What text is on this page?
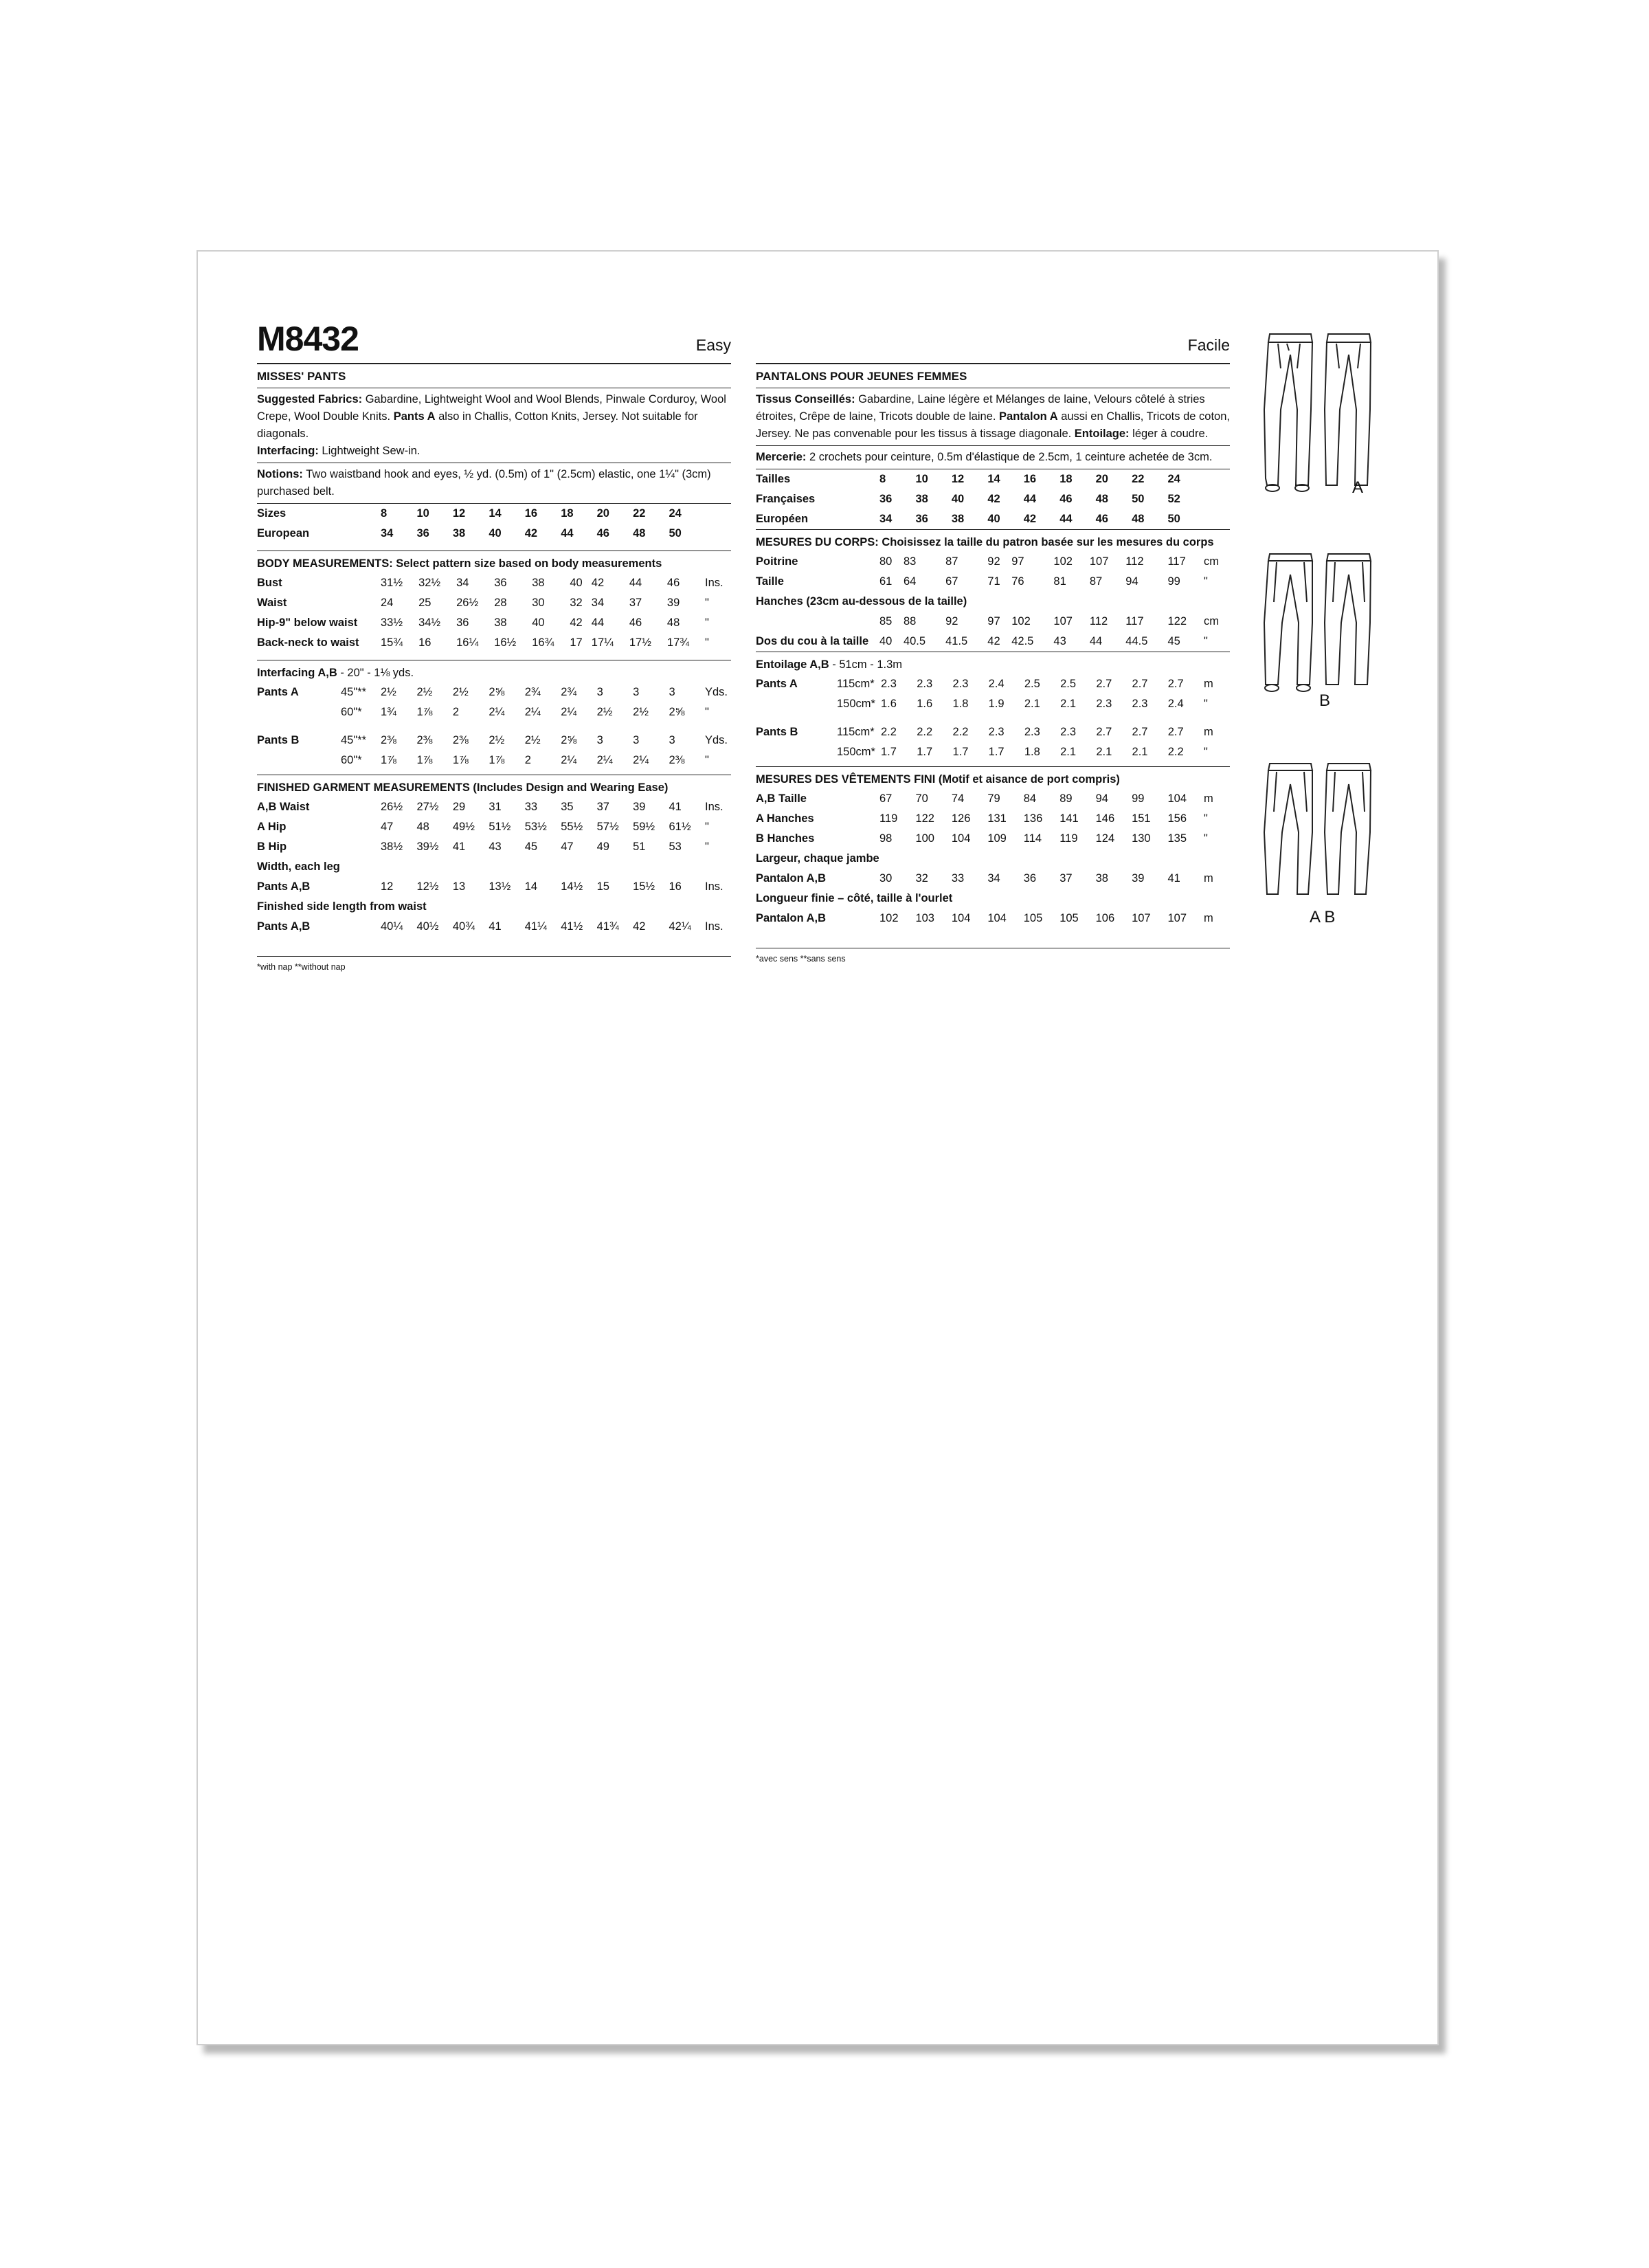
M8432	Easy
MISSES' PANTS
Suggested Fabrics: Gabardine, Lightweight Wool and Wool Blends, Pinwale Corduroy, Wool Crepe, Wool Double Knits. Pants A also in Challis, Cotton Knits, Jersey. Not suitable for diagonals.
Interfacing: Lightweight Sew-in.
Notions: Two waistband hook and eyes, ½ yd. (0.5m) of 1" (2.5cm) elastic, one 1¼" (3cm) purchased belt.
Sizes	8	10	12	14	16	18	20	22	24	
European	34	36	38	40	42	44	46	48	50	
BODY MEASUREMENTS: Select pattern size based on body measurements
Bust	31½	32½	34	36	38	40	42	44	46	Ins.
Waist	24	25	26½	28	30	32	34	37	39	"
Hip-9" below waist	33½	34½	36	38	40	42	44	46	48	"
Back-neck to waist	15¾	16	16¼	16½	16¾	17	17¼	17½	17¾	"
Interfacing A,B - 20" - 1⅛ yds.
Pants A	45"**	2½	2½	2½	2⅝	2¾	2¾	3	3	3	Yds.
	60"*	1¾	1⅞	2	2¼	2¼	2¼	2½	2½	2⅝	"

Pants B	45"**	2⅜	2⅜	2⅜	2½	2½	2⅝	3	3	3	Yds.
	60"*	1⅞	1⅞	1⅞	1⅞	2	2¼	2¼	2¼	2⅜	"
FINISHED GARMENT MEASUREMENTS (Includes Design and Wearing Ease)
A,B Waist	26½	27½	29	31	33	35	37	39	41	Ins.
A Hip	47	48	49½	51½	53½	55½	57½	59½	61½	"
B Hip	38½	39½	41	43	45	47	49	51	53	"
Width, each leg										
Pants A,B	12	12½	13	13½	14	14½	15	15½	16	Ins.
Finished side length from waist										
Pants A,B	40¼	40½	40¾	41	41¼	41½	41¾	42	42¼	Ins.
*with nap **without nap
Facile
PANTALONS POUR JEUNES FEMMES
Tissus Conseillés: Gabardine, Laine légère et Mélanges de laine, Velours côtelé à stries étroites, Crêpe de laine, Tricots double de laine. Pantalon A aussi en Challis, Tricots de coton, Jersey. Ne pas convenable pour les tissus à tissage diagonale. Entoilage: léger à coudre.
Mercerie: 2 crochets pour ceinture, 0.5m d'élastique de 2.5cm, 1 ceinture achetée de 3cm.
Tailles	8	10	12	14	16	18	20	22	24	
Françaises	36	38	40	42	44	46	48	50	52	
Européen	34	36	38	40	42	44	46	48	50	
MESURES DU CORPS: Choisissez la taille du patron basée sur les mesures du corps
Poitrine	80	83	87	92	97	102	107	112	117	cm
Taille	61	64	67	71	76	81	87	94	99	"
Hanches (23cm au-dessous de la taille)										
	85	88	92	97	102	107	112	117	122	cm
Dos du cou à la taille	40	40.5	41.5	42	42.5	43	44	44.5	45	"
Entoilage A,B - 51cm - 1.3m
Pants A	115cm*	2.3	2.3	2.3	2.4	2.5	2.5	2.7	2.7	2.7	m
	150cm*	1.6	1.6	1.8	1.9	2.1	2.1	2.3	2.3	2.4	"

Pants B	115cm*	2.2	2.2	2.2	2.3	2.3	2.3	2.7	2.7	2.7	m
	150cm*	1.7	1.7	1.7	1.7	1.8	2.1	2.1	2.1	2.2	"
MESURES DES VÊTEMENTS FINI (Motif et aisance de port compris)
A,B Taille	67	70	74	79	84	89	94	99	104	m
A Hanches	119	122	126	131	136	141	146	151	156	"
B Hanches	98	100	104	109	114	119	124	130	135	"
Largeur, chaque jambe										
Pantalon A,B	30	32	33	34	36	37	38	39	41	m
Longueur finie – côté, taille à l'ourlet										
Pantalon A,B	102	103	104	104	105	105	106	107	107	m
*avec sens **sans sens
A
B
A B
